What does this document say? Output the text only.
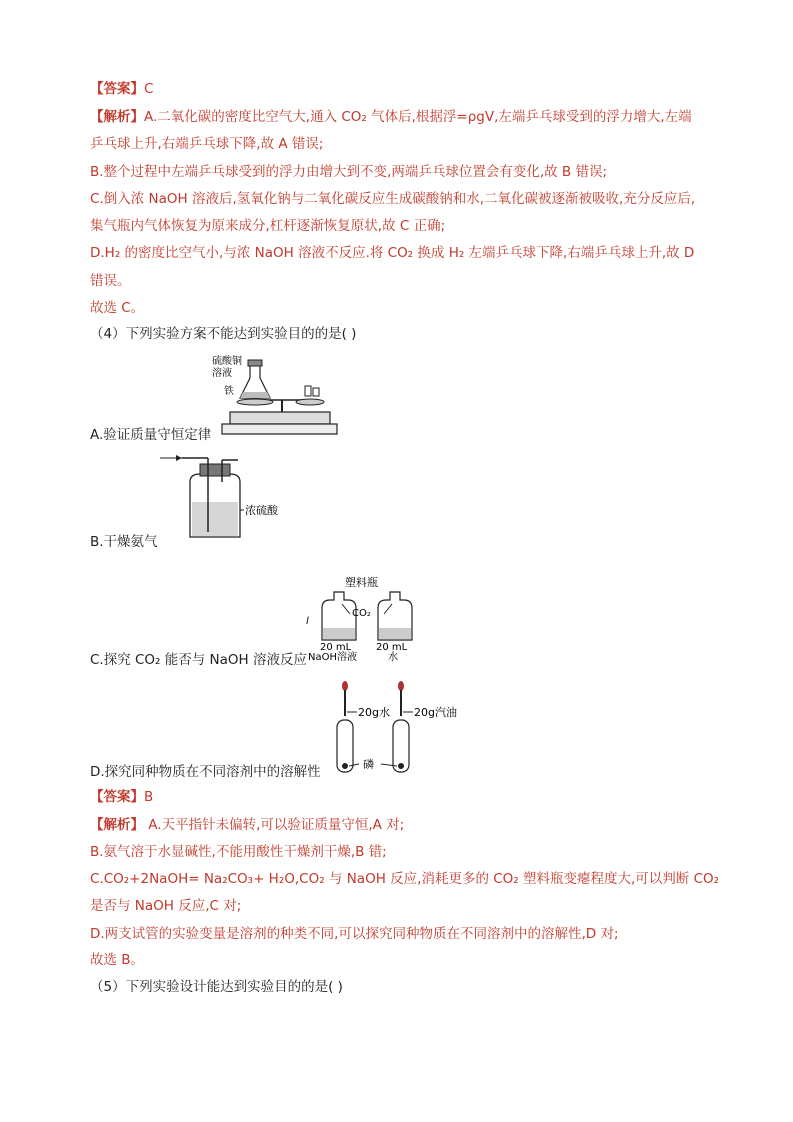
【答案】C
【解析】A.二氧化碳的密度比空气大,通入 CO₂ 气体后,根据浮=ρgV,左端乒乓球受到的浮力增大,左端
乒乓球上升,右端乒乓球下降,故 A 错误;
B.整个过程中左端乒乓球受到的浮力由增大到不变,两端乒乓球位置会有变化,故 B 错误;
C.倒入浓 NaOH 溶液后,氢氧化钠与二氧化碳反应生成碳酸钠和水,二氧化碳被逐渐被吸收,充分反应后,
集气瓶内气体恢复为原来成分,杠杆逐渐恢复原状,故 C 正确;
D.H₂ 的密度比空气小,与浓 NaOH 溶液不反应.将 CO₂ 换成 H₂ 左端乒乓球下降,右端乒乓球上升,故 D
错误。
故选 C。
（4）下列实验方案不能达到实验目的的是( )
硫酸铜
溶液
铁
A.验证质量守恒定律
浓硫酸
B.干燥氨气
l
塑料瓶
CO₂
20 mL
NaOH溶液
20 mL
水
C.探究 CO₂ 能否与 NaOH 溶液反应
20g水 20g汽油
磷
D.探究同种物质在不同溶剂中的溶解性
【答案】B
【解析】 A.天平指针未偏转,可以验证质量守恒,A 对;
B.氨气溶于水显碱性,不能用酸性干燥剂干燥,B 错;
C.CO₂+2NaOH= Na₂CO₃+ H₂O,CO₂ 与 NaOH 反应,消耗更多的 CO₂ 塑料瓶变瘪程度大,可以判断 CO₂
是否与 NaOH 反应,C 对;
D.两支试管的实验变量是溶剂的种类不同,可以探究同种物质在不同溶剂中的溶解性,D 对;
故选 B。
（5）下列实验设计能达到实验目的的是( )
